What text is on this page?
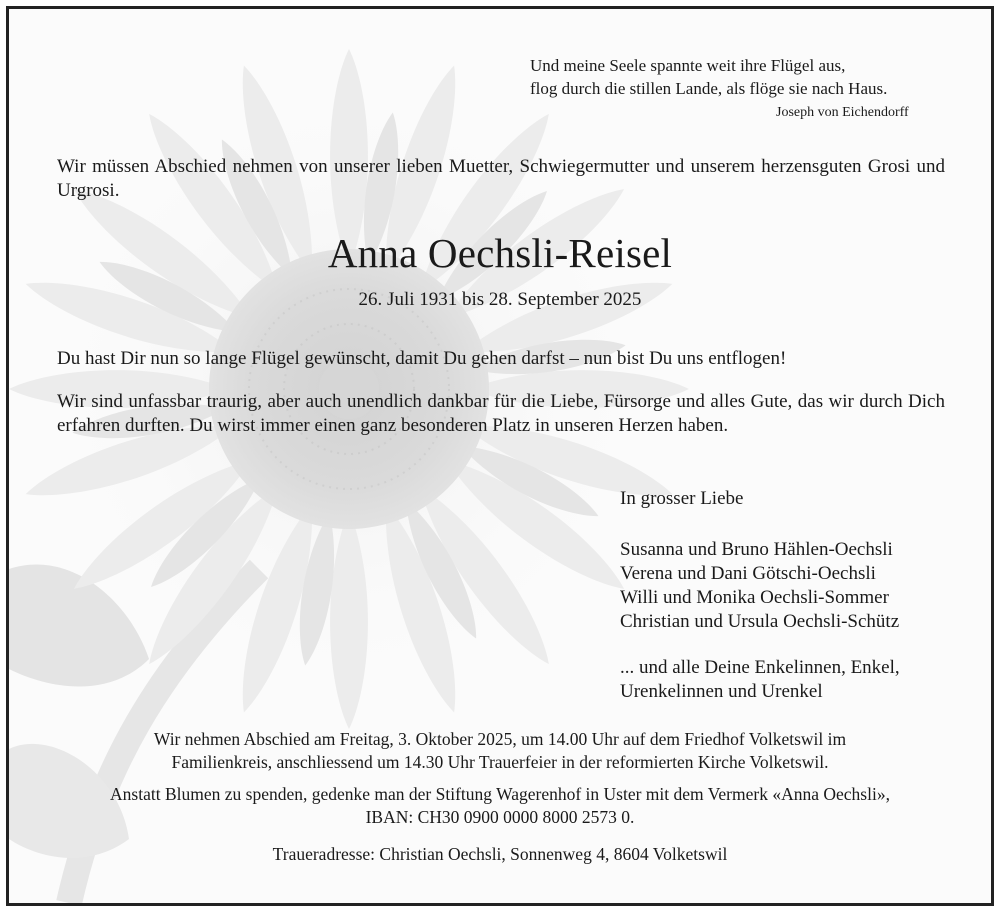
Und meine Seele spannte weit ihre Flügel aus,
flog durch die stillen Lande, als flöge sie nach Haus.
Joseph von Eichendorff
Wir müssen Abschied nehmen von unserer lieben Muetter, Schwiegermutter und unserem herzensguten Grosi und Urgrosi.
Anna Oechsli-Reisel
26. Juli 1931 bis 28. September 2025
Du hast Dir nun so lange Flügel gewünscht, damit Du gehen darfst – nun bist Du uns entflogen!
Wir sind unfassbar traurig, aber auch unendlich dankbar für die Liebe, Fürsorge und alles Gute, das wir durch Dich erfahren durften. Du wirst immer einen ganz besonderen Platz in unseren Herzen haben.
In grosser Liebe
Susanna und Bruno Hählen-Oechsli
Verena und Dani Götschi-Oechsli
Willi und Monika Oechsli-Sommer
Christian und Ursula Oechsli-Schütz
... und alle Deine Enkelinnen, Enkel,
Urenkelinnen und Urenkel
Wir nehmen Abschied am Freitag, 3. Oktober 2025, um 14.00 Uhr auf dem Friedhof Volketswil im
Familienkreis, anschliessend um 14.30 Uhr Trauerfeier in der reformierten Kirche Volketswil.
Anstatt Blumen zu spenden, gedenke man der Stiftung Wagerenhof in Uster mit dem Vermerk «Anna Oechsli»,
IBAN: CH30 0900 0000 8000 2573 0.
Traueradresse: Christian Oechsli, Sonnenweg 4, 8604 Volketswil
